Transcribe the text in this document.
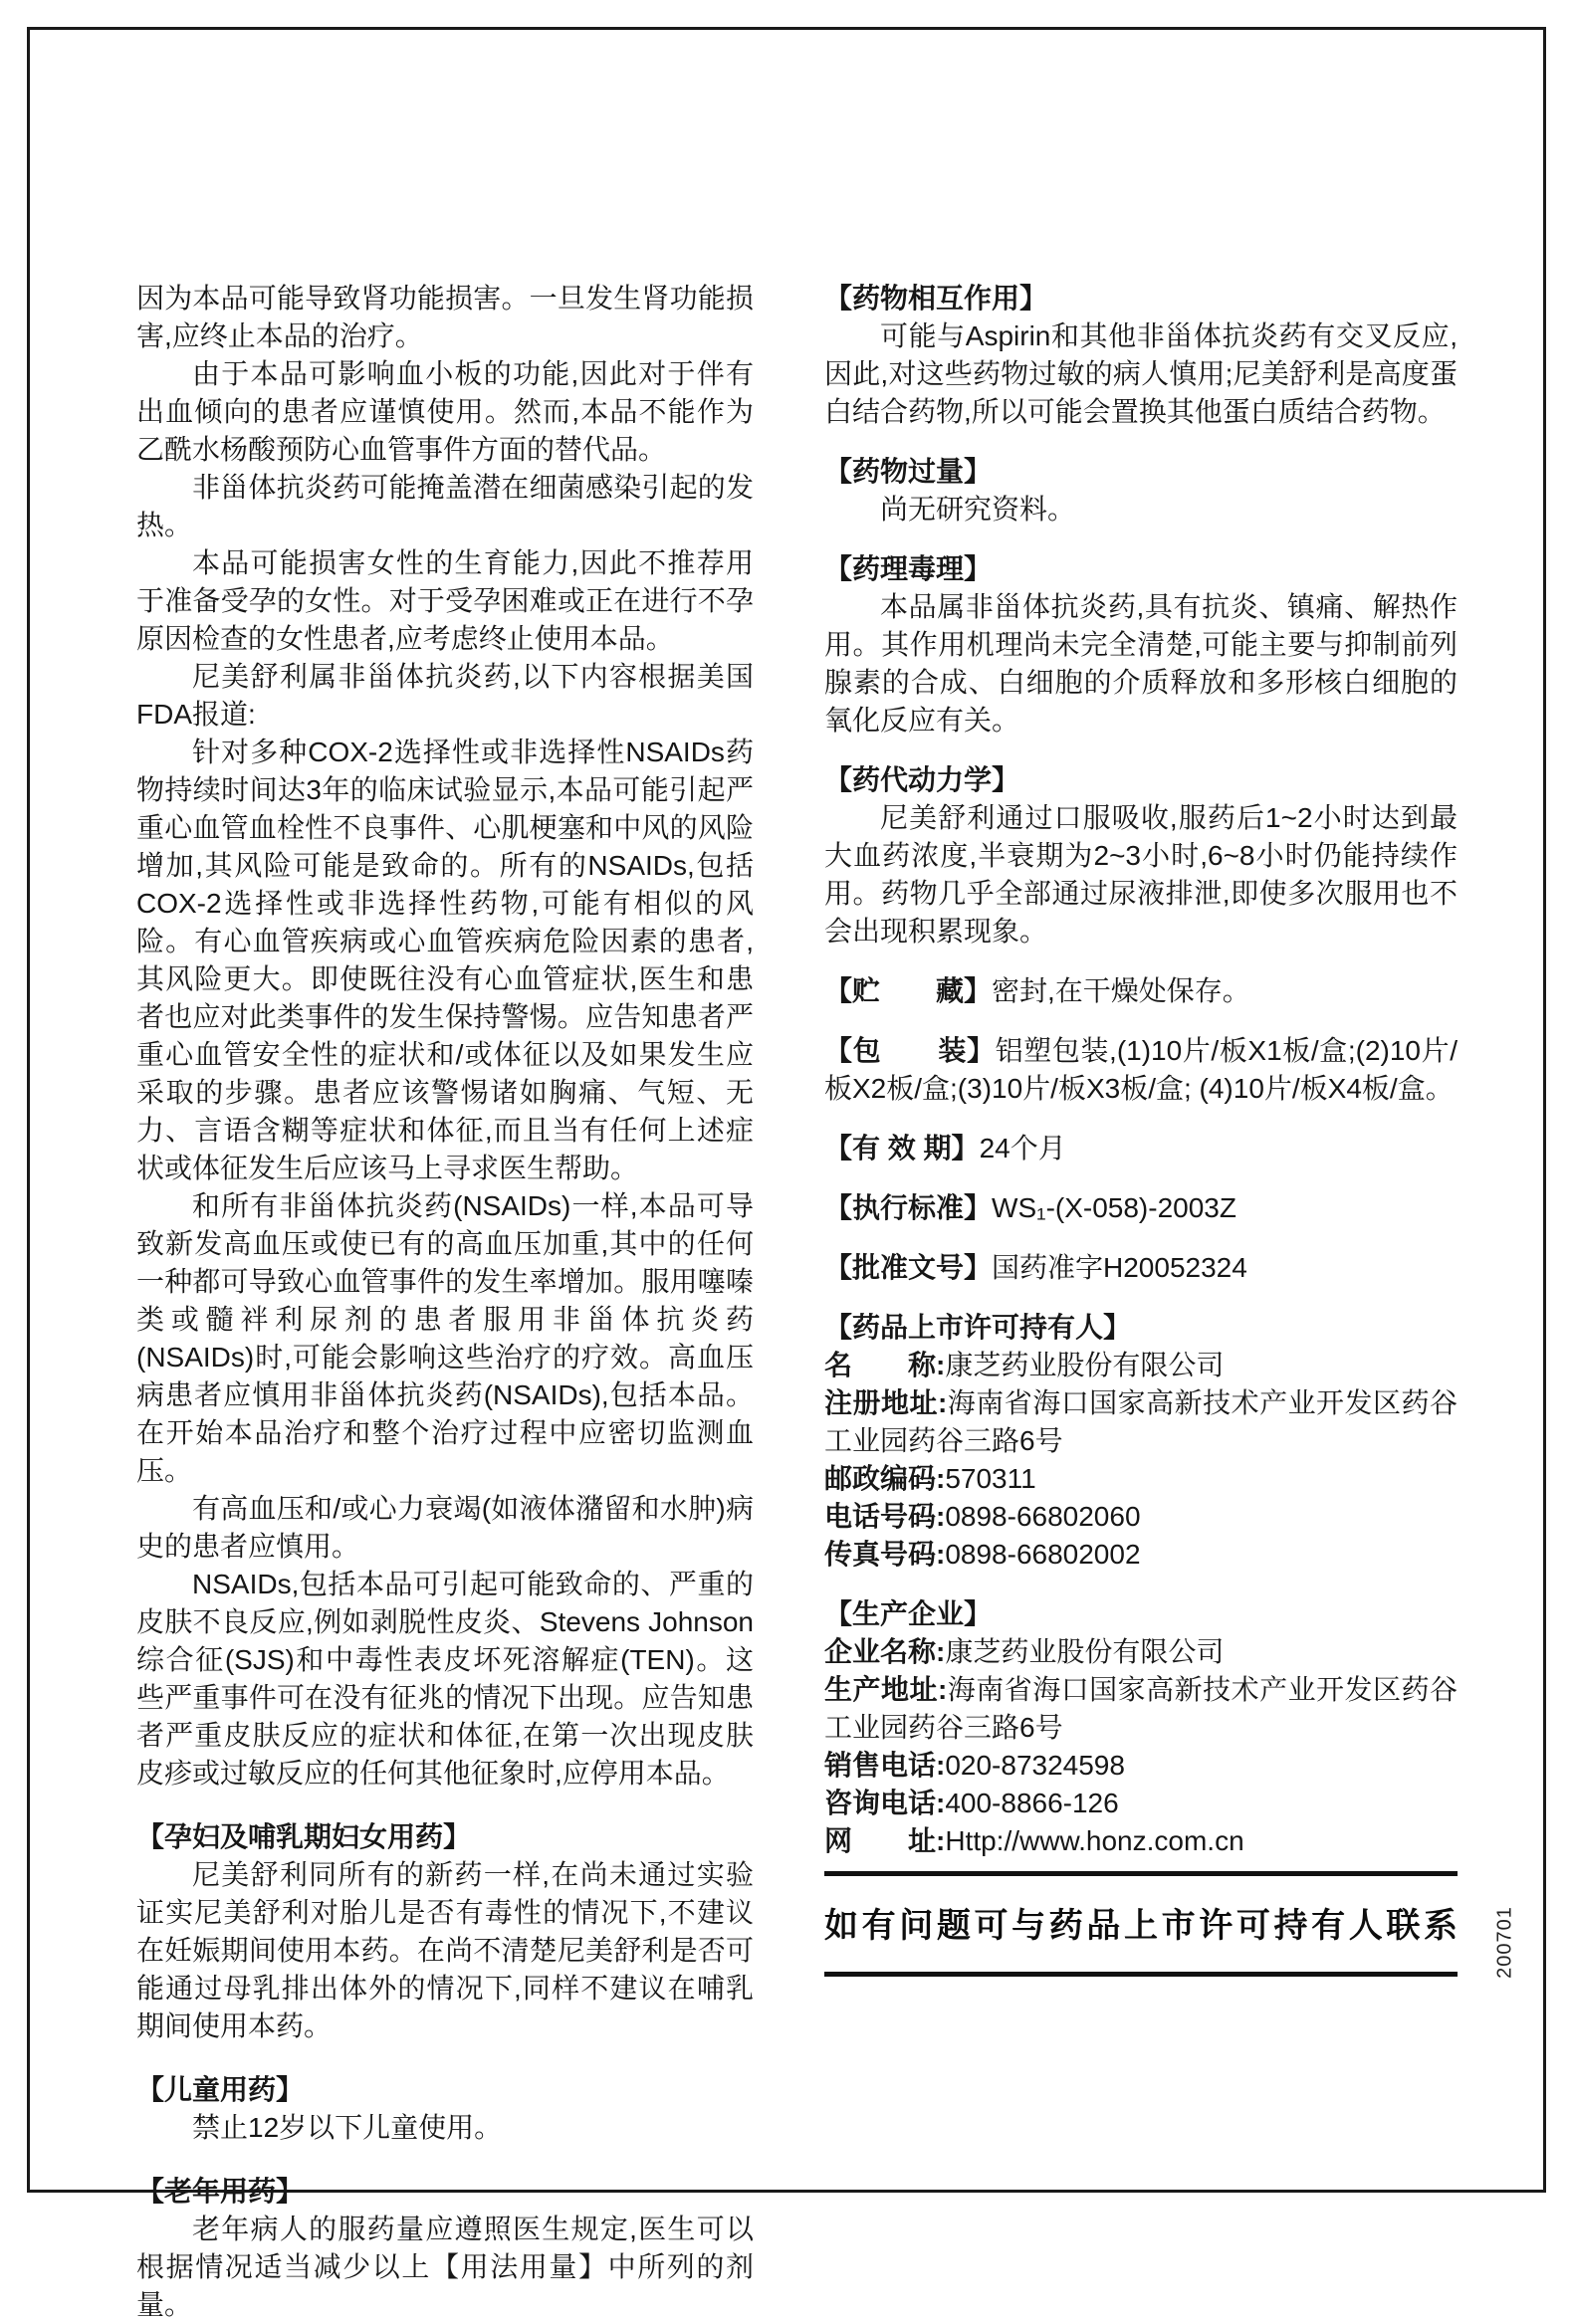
因为本品可能导致肾功能损害。一旦发生肾功能损害,应终止本品的治疗。

由于本品可影响血小板的功能,因此对于伴有出血倾向的患者应谨慎使用。然而,本品不能作为乙酰水杨酸预防心血管事件方面的替代品。

非甾体抗炎药可能掩盖潜在细菌感染引起的发热。

本品可能损害女性的生育能力,因此不推荐用于准备受孕的女性。对于受孕困难或正在进行不孕原因检查的女性患者,应考虑终止使用本品。

尼美舒利属非甾体抗炎药,以下内容根据美国FDA报道:

针对多种COX-2选择性或非选择性NSAIDs药物持续时间达3年的临床试验显示,本品可能引起严重心血管血栓性不良事件、心肌梗塞和中风的风险增加,其风险可能是致命的。所有的NSAIDs,包括COX-2选择性或非选择性药物,可能有相似的风险。有心血管疾病或心血管疾病危险因素的患者,其风险更大。即使既往没有心血管症状,医生和患者也应对此类事件的发生保持警惕。应告知患者严重心血管安全性的症状和/或体征以及如果发生应采取的步骤。患者应该警惕诸如胸痛、气短、无力、言语含糊等症状和体征,而且当有任何上述症状或体征发生后应该马上寻求医生帮助。

和所有非甾体抗炎药(NSAIDs)一样,本品可导致新发高血压或使已有的高血压加重,其中的任何一种都可导致心血管事件的发生率增加。服用噻嗪类或髓袢利尿剂的患者服用非甾体抗炎药(NSAIDs)时,可能会影响这些治疗的疗效。高血压病患者应慎用非甾体抗炎药(NSAIDs),包括本品。在开始本品治疗和整个治疗过程中应密切监测血压。

有高血压和/或心力衰竭(如液体潴留和水肿)病史的患者应慎用。

NSAIDs,包括本品可引起可能致命的、严重的皮肤不良反应,例如剥脱性皮炎、Stevens Johnson综合征(SJS)和中毒性表皮坏死溶解症(TEN)。这些严重事件可在没有征兆的情况下出现。应告知患者严重皮肤反应的症状和体征,在第一次出现皮肤皮疹或过敏反应的任何其他征象时,应停用本品。

【孕妇及哺乳期妇女用药】

尼美舒利同所有的新药一样,在尚未通过实验证实尼美舒利对胎儿是否有毒性的情况下,不建议在妊娠期间使用本药。在尚不清楚尼美舒利是否可能通过母乳排出体外的情况下,同样不建议在哺乳期间使用本药。

【儿童用药】

禁止12岁以下儿童使用。

【老年用药】

老年病人的服药量应遵照医生规定,医生可以根据情况适当减少以上【用法用量】中所列的剂量。

【药物相互作用】

可能与Aspirin和其他非甾体抗炎药有交叉反应,因此,对这些药物过敏的病人慎用;尼美舒利是高度蛋白结合药物,所以可能会置换其他蛋白质结合药物。

【药物过量】

尚无研究资料。

【药理毒理】

本品属非甾体抗炎药,具有抗炎、镇痛、解热作用。其作用机理尚未完全清楚,可能主要与抑制前列腺素的合成、白细胞的介质释放和多形核白细胞的氧化反应有关。

【药代动力学】

尼美舒利通过口服吸收,服药后1~2小时达到最大血药浓度,半衰期为2~3小时,6~8小时仍能持续作用。药物几乎全部通过尿液排泄,即使多次服用也不会出现积累现象。

【贮　　藏】密封,在干燥处保存。

【包　　装】铝塑包装,(1)10片/板X1板/盒;(2)10片/板X2板/盒;(3)10片/板X3板/盒; (4)10片/板X4板/盒。

【有 效 期】24个月

【执行标准】WS₁-(X-058)-2003Z

【批准文号】国药准字H20052324

【药品上市许可持有人】

名　　称:康芝药业股份有限公司

注册地址:海南省海口国家高新技术产业开发区药谷工业园药谷三路6号

邮政编码:570311

电话号码:0898-66802060

传真号码:0898-66802002

【生产企业】

企业名称:康芝药业股份有限公司

生产地址:海南省海口国家高新技术产业开发区药谷工业园药谷三路6号

销售电话:020-87324598

咨询电话:400-8866-126

网　　址:Http://www.honz.com.cn

如有问题可与药品上市许可持有人联系 200701
